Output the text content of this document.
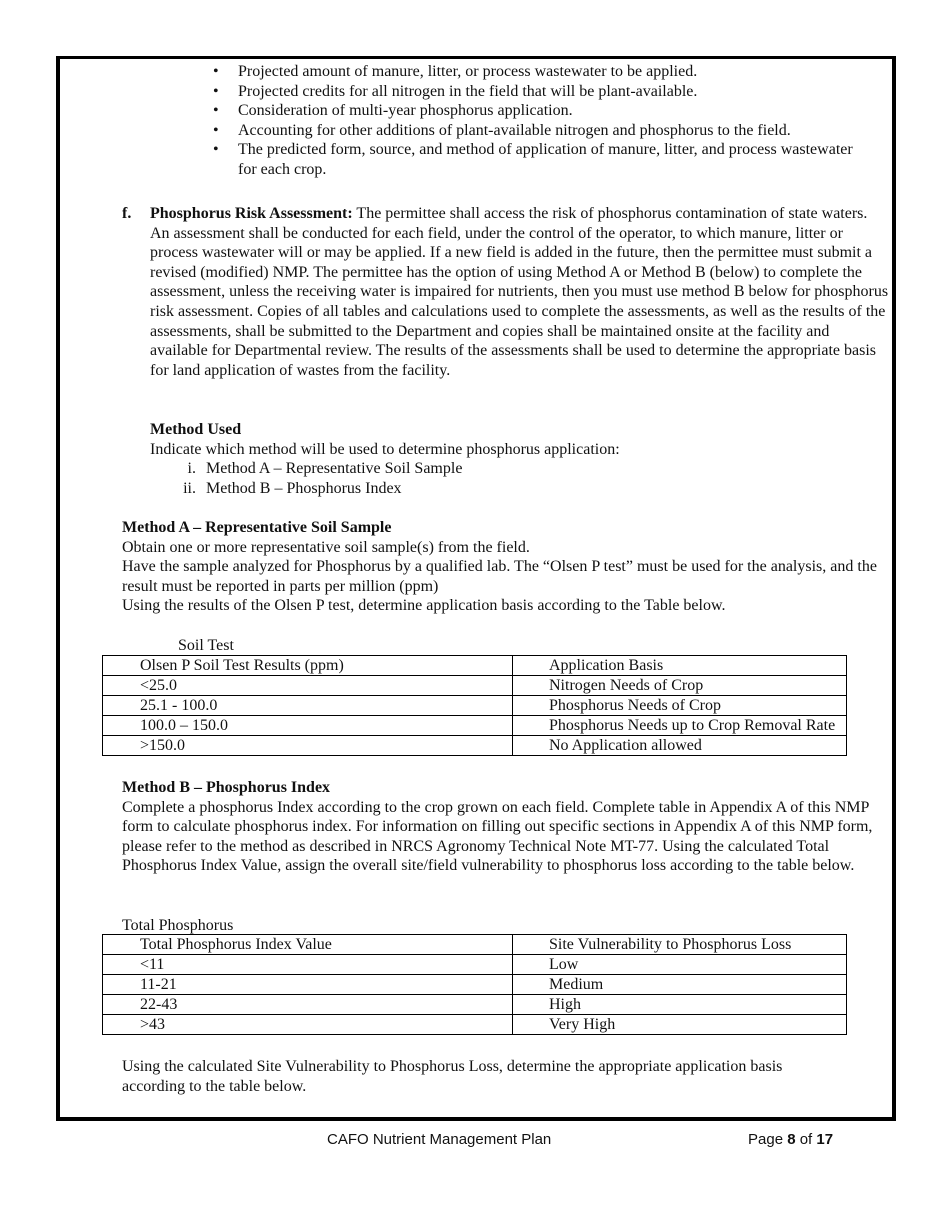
• Projected amount of manure, litter, or process wastewater to be applied.
• Projected credits for all nitrogen in the field that will be plant-available.
• Consideration of multi-year phosphorus application.
• Accounting for other additions of plant-available nitrogen and phosphorus to the field.
• The predicted form, source, and method of application of manure, litter, and process wastewater for each crop.
f. Phosphorus Risk Assessment: The permittee shall access the risk of phosphorus contamination of state waters. An assessment shall be conducted for each field, under the control of the operator, to which manure, litter or process wastewater will or may be applied. If a new field is added in the future, then the permittee must submit a revised (modified) NMP. The permittee has the option of using Method A or Method B (below) to complete the assessment, unless the receiving water is impaired for nutrients, then you must use method B below for phosphorus risk assessment. Copies of all tables and calculations used to complete the assessments, as well as the results of the assessments, shall be submitted to the Department and copies shall be maintained onsite at the facility and available for Departmental review. The results of the assessments shall be used to determine the appropriate basis for land application of wastes from the facility.
Method Used
Indicate which method will be used to determine phosphorus application:
i. Method A – Representative Soil Sample
ii. Method B – Phosphorus Index
Method A – Representative Soil Sample
Obtain one or more representative soil sample(s) from the field.
Have the sample analyzed for Phosphorus by a qualified lab. The “Olsen P test” must be used for the analysis, and the result must be reported in parts per million (ppm)
Using the results of the Olsen P test, determine application basis according to the Table below.
Soil Test
Olsen P Soil Test Results (ppm)	Application Basis
<25.0	Nitrogen Needs of Crop
25.1 - 100.0	Phosphorus Needs of Crop
100.0 – 150.0	Phosphorus Needs up to Crop Removal Rate
>150.0	No Application allowed
Method B – Phosphorus Index
Complete a phosphorus Index according to the crop grown on each field. Complete table in Appendix A of this NMP form to calculate phosphorus index. For information on filling out specific sections in Appendix A of this NMP form, please refer to the method as described in NRCS Agronomy Technical Note MT-77. Using the calculated Total Phosphorus Index Value, assign the overall site/field vulnerability to phosphorus loss according to the table below.
Total Phosphorus
Total Phosphorus Index Value	Site Vulnerability to Phosphorus Loss
<11	Low
11-21	Medium
22-43	High
>43	Very High
Using the calculated Site Vulnerability to Phosphorus Loss, determine the appropriate application basis according to the table below.
CAFO Nutrient Management Plan	Page 8 of 17
